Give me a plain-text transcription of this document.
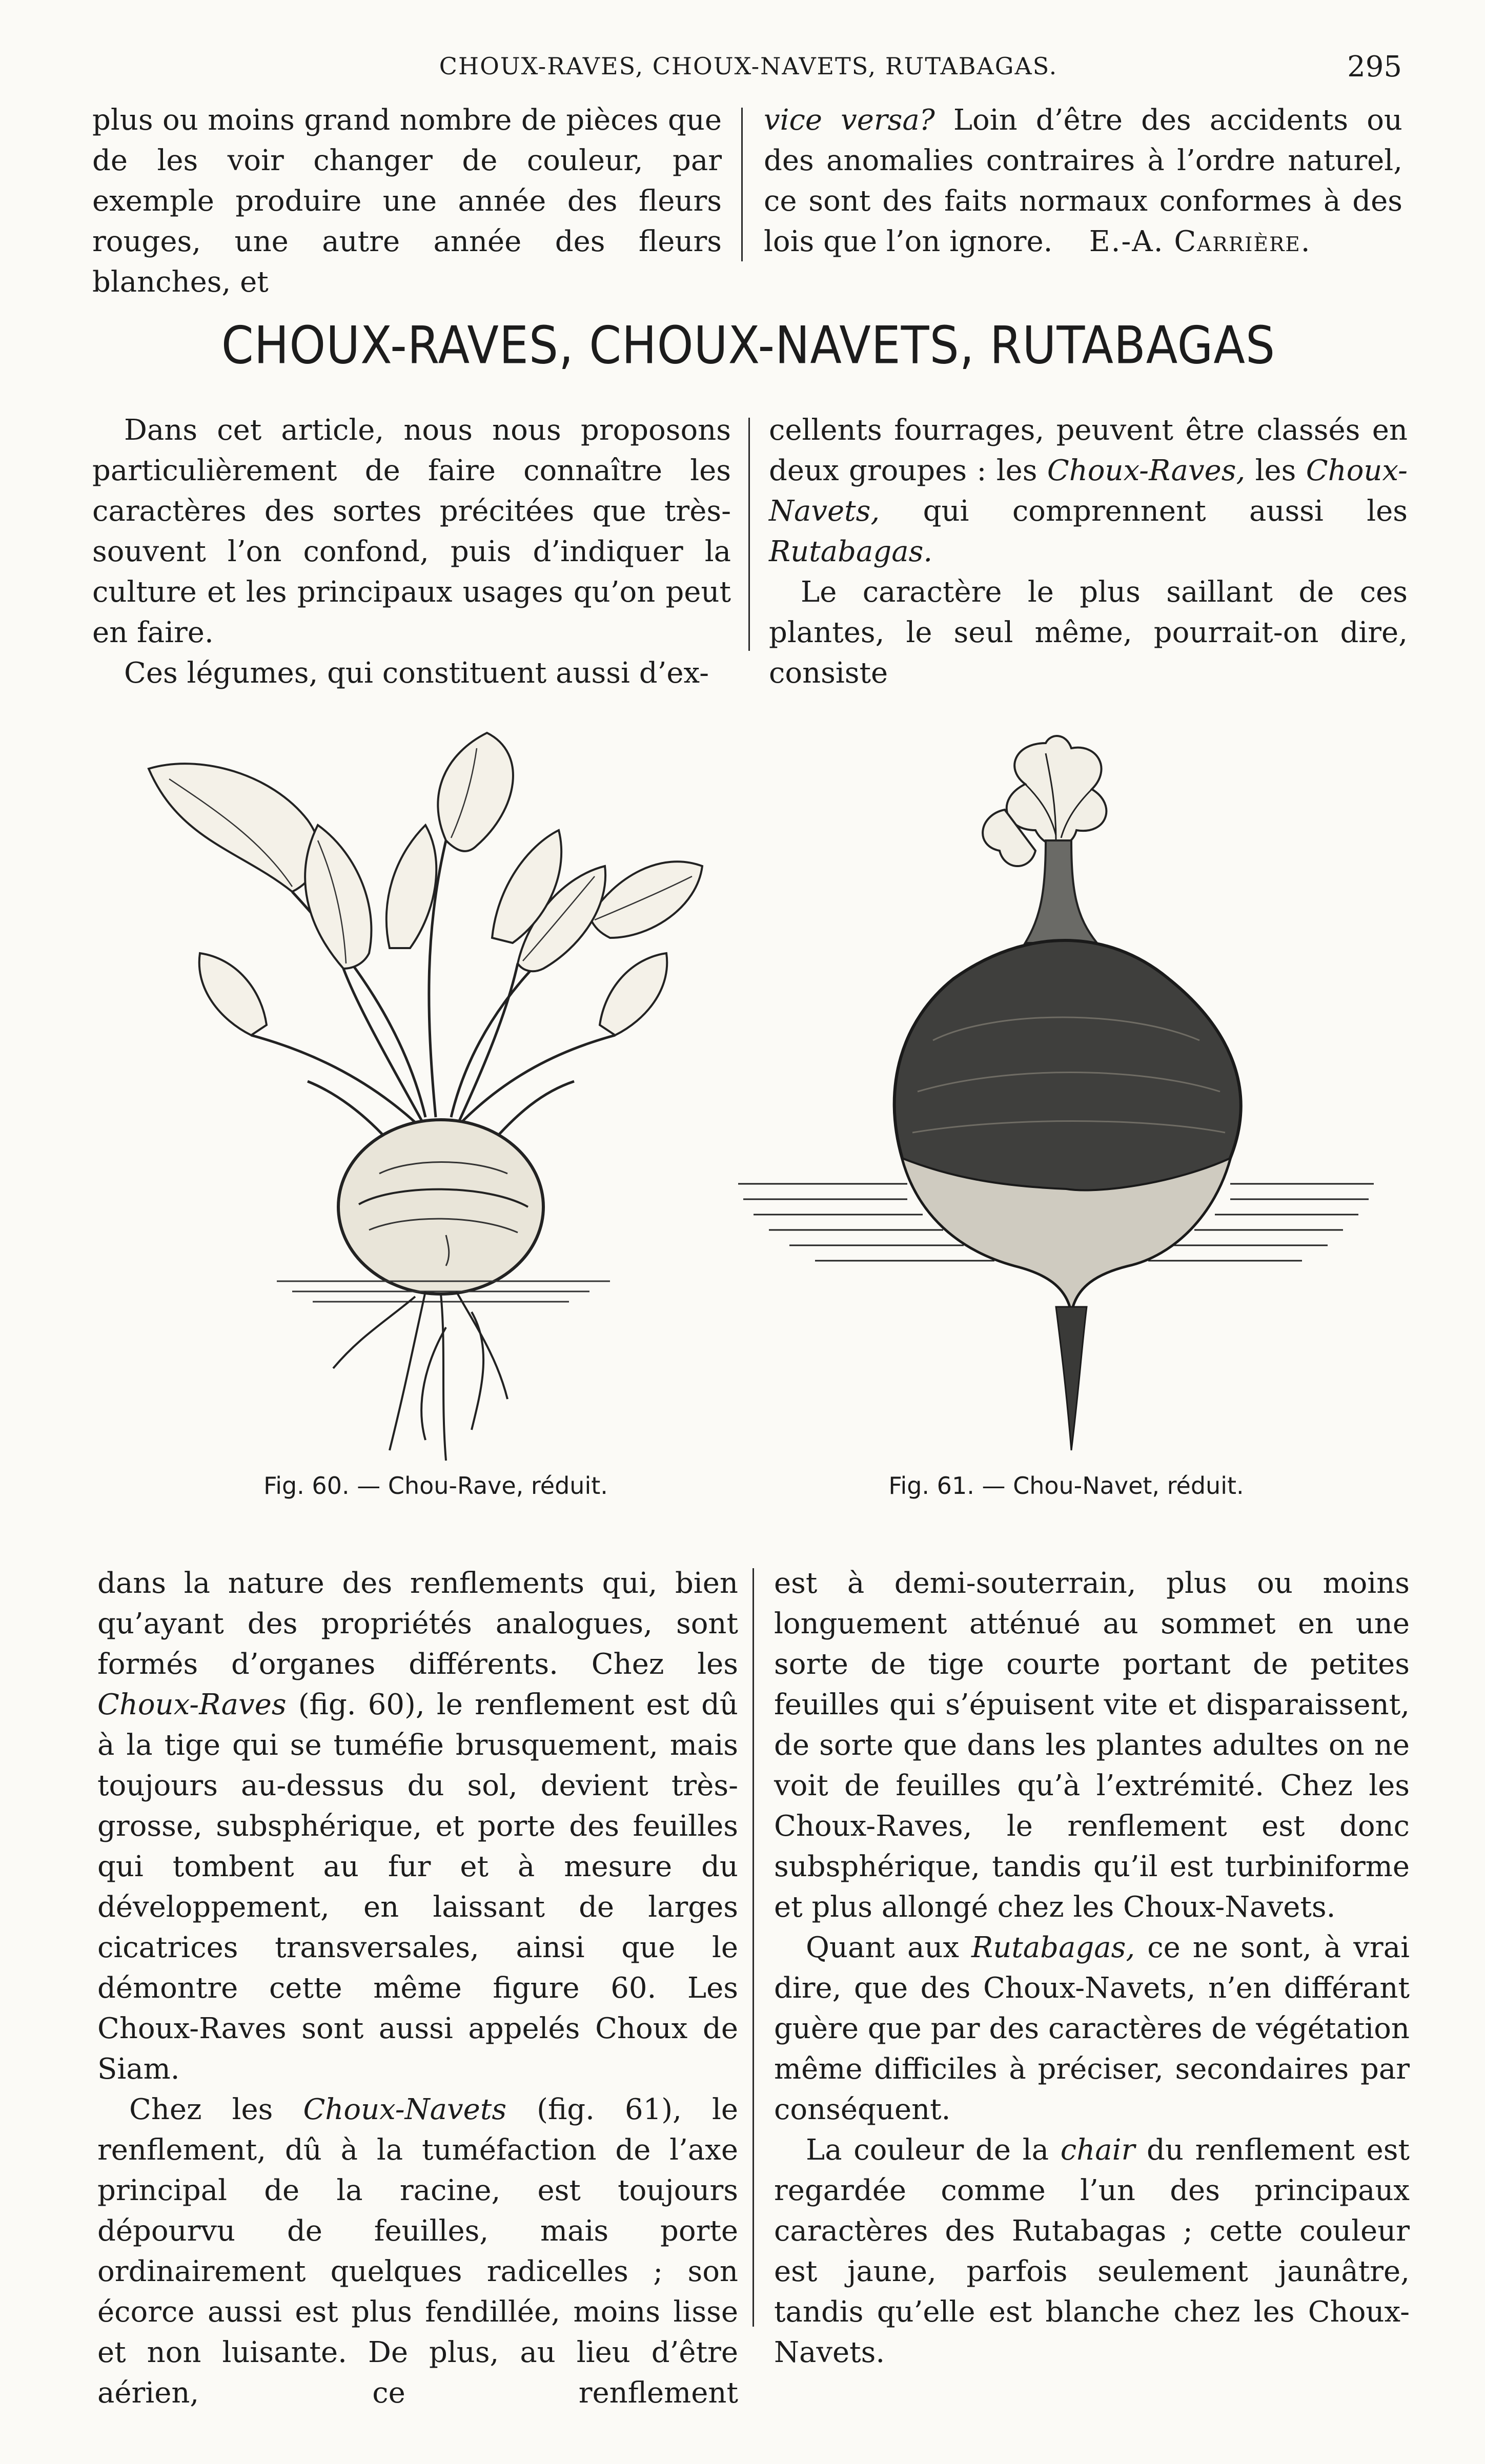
CHOUX-RAVES, CHOUX-NAVETS, RUTABAGAS.	295

plus ou moins grand nombre de pièces que de les voir changer de couleur, par exemple produire une année des fleurs rouges, une autre année des fleurs blanches, et

vice versa? Loin d’être des accidents ou des anomalies contraires à l’ordre naturel, ce sont des faits normaux conformes à des lois que l’on ignore. E.-A. Carrière.

CHOUX-RAVES, CHOUX-NAVETS, RUTABAGAS

Dans cet article, nous nous proposons particulièrement de faire connaître les caractères des sortes précitées que très-souvent l’on confond, puis d’indiquer la culture et les principaux usages qu’on peut en faire.

Ces légumes, qui constituent aussi d’ex-

cellents fourrages, peuvent être classés en deux groupes : les Choux-Raves, les Choux-Navets, qui comprennent aussi les Rutabagas.

Le caractère le plus saillant de ces plantes, le seul même, pourrait-on dire, consiste

Fig. 60. — Chou-Rave, réduit.	Fig. 61. — Chou-Navet, réduit.

dans la nature des renflements qui, bien qu’ayant des propriétés analogues, sont formés d’organes différents. Chez les Choux-Raves (fig. 60), le renflement est dû à la tige qui se tuméfie brusquement, mais toujours au-dessus du sol, devient très-grosse, subsphérique, et porte des feuilles qui tombent au fur et à mesure du développement, en laissant de larges cicatrices transversales, ainsi que le démontre cette même figure 60. Les Choux-Raves sont aussi appelés Choux de Siam.

Chez les Choux-Navets (fig. 61), le renflement, dû à la tuméfaction de l’axe principal de la racine, est toujours dépourvu de feuilles, mais porte ordinairement quelques radicelles ; son écorce aussi est plus fendillée, moins lisse et non luisante. De plus, au lieu d’être aérien, ce renflement

est à demi-souterrain, plus ou moins longuement atténué au sommet en une sorte de tige courte portant de petites feuilles qui s’épuisent vite et disparaissent, de sorte que dans les plantes adultes on ne voit de feuilles qu’à l’extrémité. Chez les Choux-Raves, le renflement est donc subsphérique, tandis qu’il est turbiniforme et plus allongé chez les Choux-Navets.

Quant aux Rutabagas, ce ne sont, à vrai dire, que des Choux-Navets, n’en différant guère que par des caractères de végétation même difficiles à préciser, secondaires par conséquent.

La couleur de la chair du renflement est regardée comme l’un des principaux caractères des Rutabagas ; cette couleur est jaune, parfois seulement jaunâtre, tandis qu’elle est blanche chez les Choux-Navets.
